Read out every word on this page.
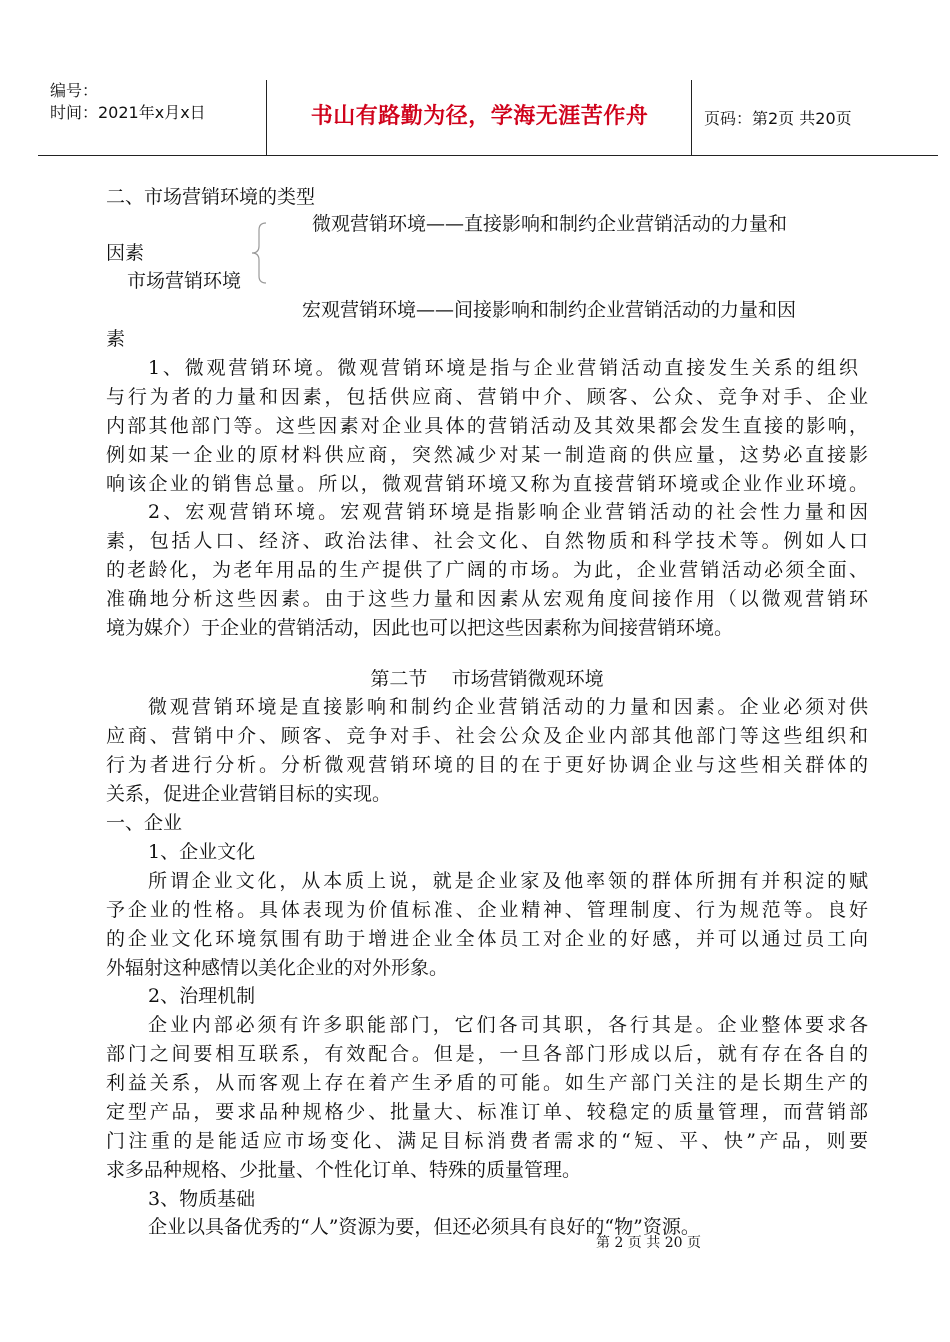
编号：
时间：2021年x月x日	书山有路勤为径，学海无涯苦作舟	页码：第2页 共20页
二、市场营销环境的类型
微观营销环境——直接影响和制约企业营销活动的力量和
因素
市场营销环境
宏观营销环境——间接影响和制约企业营销活动的力量和因
素
1、微观营销环境。微观营销环境是指与企业营销活动直接发生关系的组织
与行为者的力量和因素，包括供应商、营销中介、顾客、公众、竞争对手、企业
内部其他部门等。这些因素对企业具体的营销活动及其效果都会发生直接的影响，
例如某一企业的原材料供应商，突然减少对某一制造商的供应量，这势必直接影
响该企业的销售总量。所以，微观营销环境又称为直接营销环境或企业作业环境。
2、宏观营销环境。宏观营销环境是指影响企业营销活动的社会性力量和因
素，包括人口、经济、政治法律、社会文化、自然物质和科学技术等。例如人口
的老龄化，为老年用品的生产提供了广阔的市场。为此，企业营销活动必须全面、
准确地分析这些因素。由于这些力量和因素从宏观角度间接作用（以微观营销环
境为媒介）于企业的营销活动，因此也可以把这些因素称为间接营销环境。
第二节    市场营销微观环境
微观营销环境是直接影响和制约企业营销活动的力量和因素。企业必须对供
应商、营销中介、顾客、竞争对手、社会公众及企业内部其他部门等这些组织和
行为者进行分析。分析微观营销环境的目的在于更好协调企业与这些相关群体的
关系，促进企业营销目标的实现。
一、企业
1、企业文化
所谓企业文化，从本质上说，就是企业家及他率领的群体所拥有并积淀的赋
予企业的性格。具体表现为价值标准、企业精神、管理制度、行为规范等。良好
的企业文化环境氛围有助于增进企业全体员工对企业的好感，并可以通过员工向
外辐射这种感情以美化企业的对外形象。
2、治理机制
企业内部必须有许多职能部门，它们各司其职，各行其是。企业整体要求各
部门之间要相互联系，有效配合。但是，一旦各部门形成以后，就有存在各自的
利益关系，从而客观上存在着产生矛盾的可能。如生产部门关注的是长期生产的
定型产品，要求品种规格少、批量大、标准订单、较稳定的质量管理，而营销部
门注重的是能适应市场变化、满足目标消费者需求的“短、平、快”产品，则要
求多品种规格、少批量、个性化订单、特殊的质量管理。
3、物质基础
企业以具备优秀的“人”资源为要，但还必须具有良好的“物”资源。
第 2 页 共 20 页
